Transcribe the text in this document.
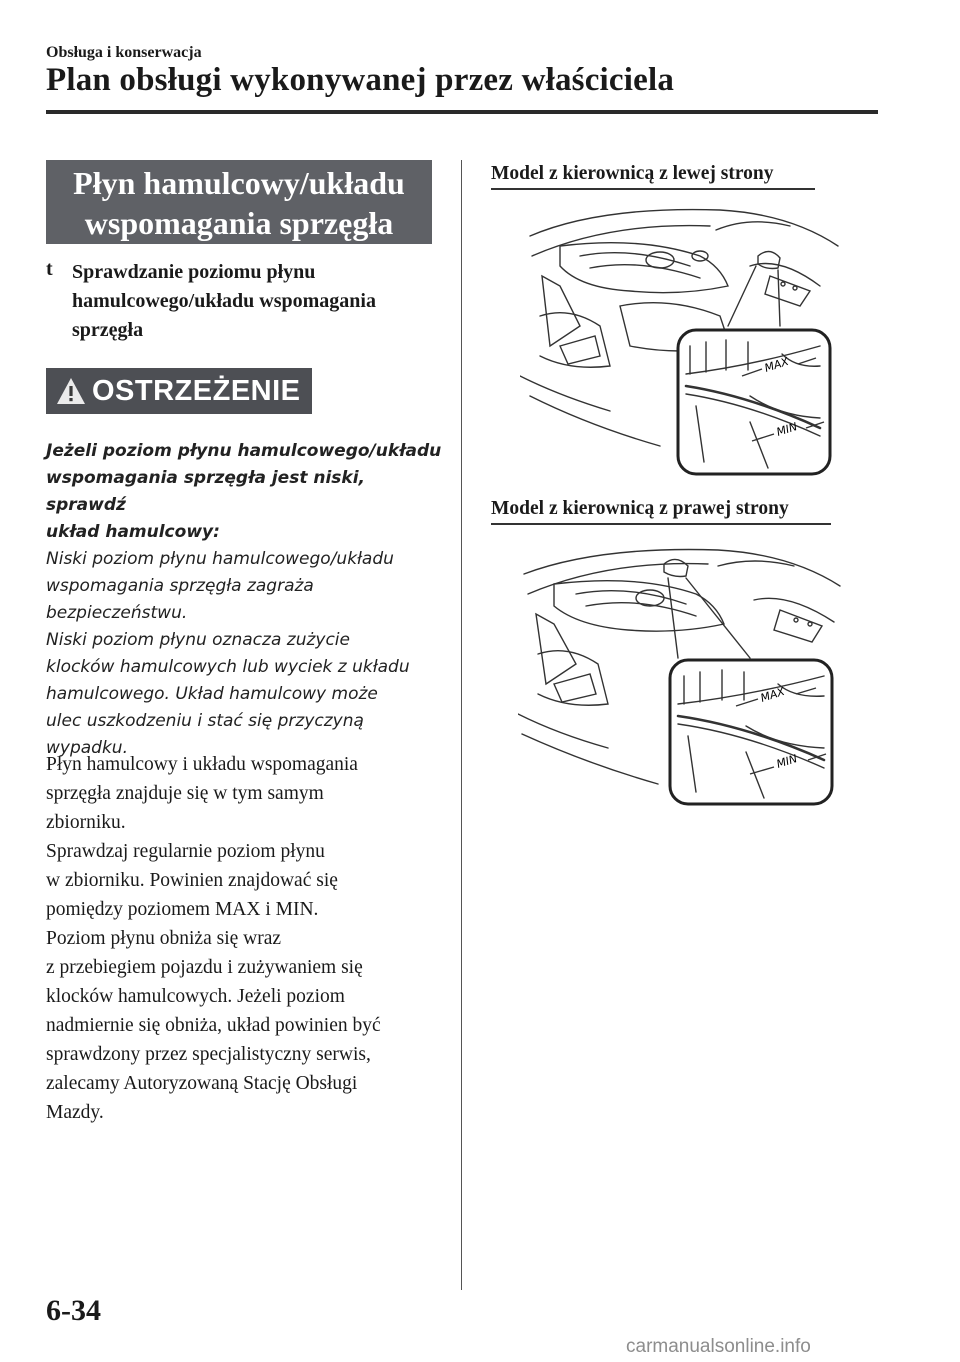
Obsługa i konserwacja
Plan obsługi wykonywanej przez właściciela
Płyn hamulcowy/układu
wspomagania sprzęgła
t Sprawdzanie poziomu płynu hamulcowego/układu wspomagania sprzęgła
OSTRZEŻENIE
Jeżeli poziom płynu hamulcowego/układu
wspomagania sprzęgła jest niski, sprawdź
układ hamulcowy:
Niski poziom płynu hamulcowego/układu
wspomagania sprzęgła zagraża
bezpieczeństwu.
Niski poziom płynu oznacza zużycie
klocków hamulcowych lub wyciek z układu
hamulcowego. Układ hamulcowy może
ulec uszkodzeniu i stać się przyczyną
wypadku.
Płyn hamulcowy i układu wspomagania
sprzęgła znajduje się w tym samym
zbiorniku.
Sprawdzaj regularnie poziom płynu
w zbiorniku. Powinien znajdować się
pomiędzy poziomem MAX i MIN.
Poziom płynu obniża się wraz
z przebiegiem pojazdu i zużywaniem się
klocków hamulcowych. Jeżeli poziom
nadmiernie się obniża, układ powinien być
sprawdzony przez specjalistyczny serwis,
zalecamy Autoryzowaną Stację Obsługi
Mazdy.
Model z kierownicą z lewej strony
MAX
MIN
Model z kierownicą z prawej strony
MAX
MIN
6-34
carmanualsonline.info
